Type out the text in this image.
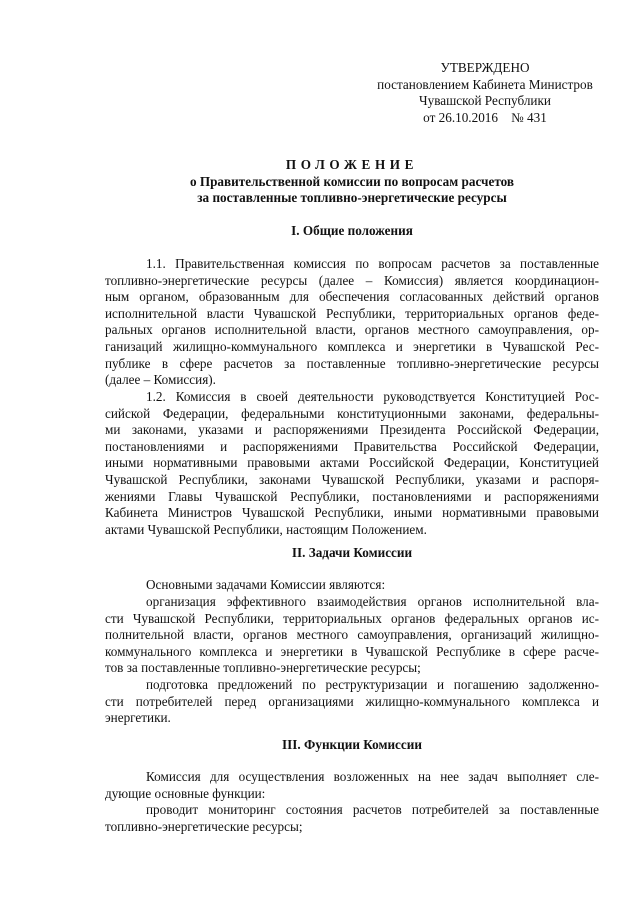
УТВЕРЖДЕНО
постановлением Кабинета Министров
Чувашской Республики
от 26.10.2016    № 431
ПОЛОЖЕНИЕ
о Правительственной комиссии по вопросам расчетов
за поставленные топливно-энергетические ресурсы
I. Общие положения
1.1. Правительственная комиссия по вопросам расчетов за поставленные
топливно-энергетические ресурсы (далее – Комиссия) является координацион-
ным органом, образованным для обеспечения согласованных действий органов
исполнительной власти Чувашской Республики, территориальных органов феде-
ральных органов исполнительной власти, органов местного самоуправления, ор-
ганизаций жилищно-коммунального комплекса и энергетики в Чувашской Рес-
публике в сфере расчетов за поставленные топливно-энергетические ресурсы
(далее – Комиссия).
1.2. Комиссия в своей деятельности руководствуется Конституцией Рос-
сийской Федерации, федеральными конституционными законами, федеральны-
ми законами, указами и распоряжениями Президента Российской Федерации,
постановлениями и распоряжениями Правительства Российской Федерации,
иными нормативными правовыми актами Российской Федерации, Конституцией
Чувашской Республики, законами Чувашской Республики, указами и распоря-
жениями Главы Чувашской Республики, постановлениями и распоряжениями
Кабинета Министров Чувашской Республики, иными нормативными правовыми
актами Чувашской Республики, настоящим Положением.
II. Задачи Комиссии
Основными задачами Комиссии являются:
организация эффективного взаимодействия органов исполнительной вла-
сти Чувашской Республики, территориальных органов федеральных органов ис-
полнительной власти, органов местного самоуправления, организаций жилищно-
коммунального комплекса и энергетики в Чувашской Республике в сфере расче-
тов за поставленные топливно-энергетические ресурсы;
подготовка предложений по реструктуризации и погашению задолженно-
сти потребителей перед организациями жилищно-коммунального комплекса и
энергетики.
III. Функции Комиссии
Комиссия для осуществления возложенных на нее задач выполняет сле-
дующие основные функции:
проводит мониторинг состояния расчетов потребителей за поставленные
топливно-энергетические ресурсы;
